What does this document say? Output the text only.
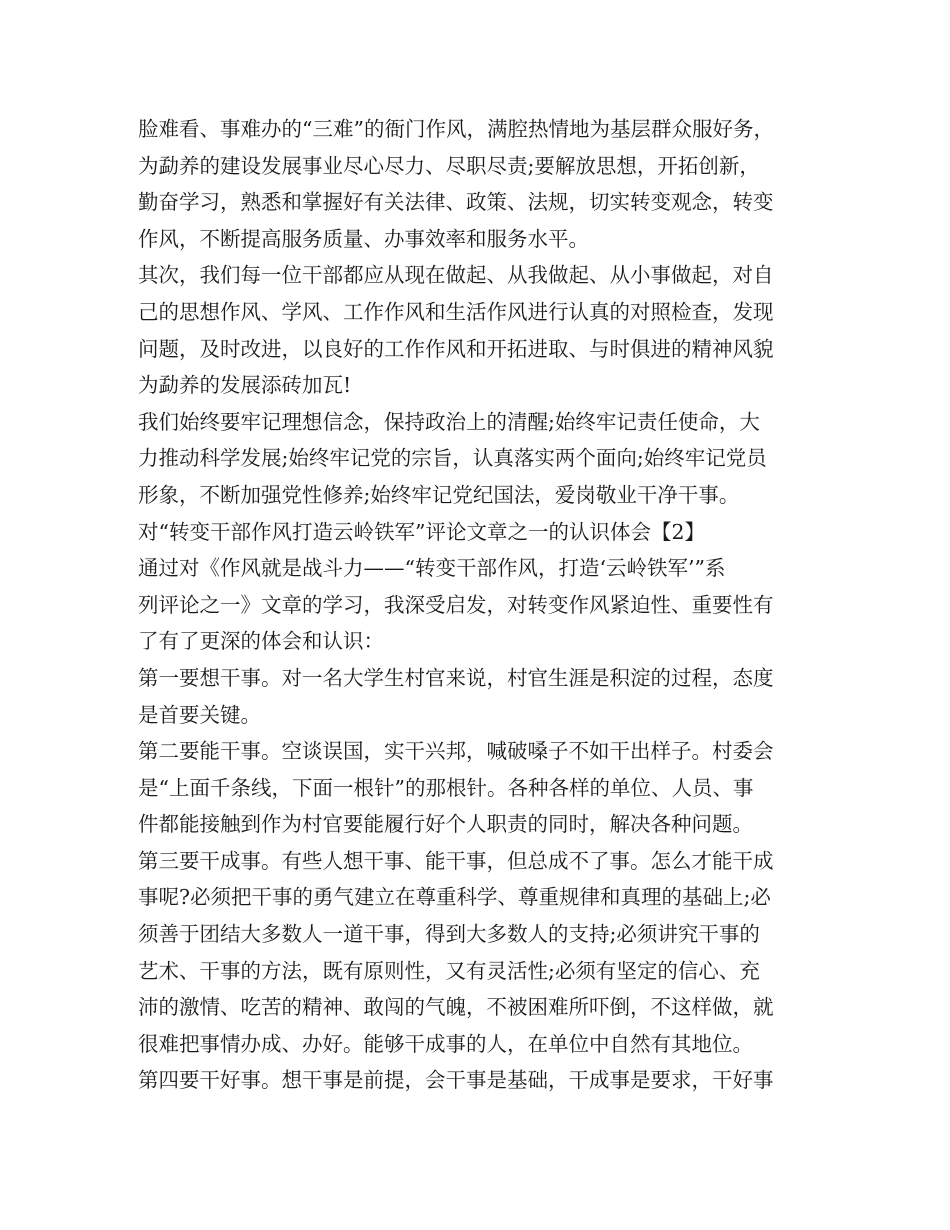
脸难看、事难办的“三难”的衙门作风，满腔热情地为基层群众服好务，
为勐养的建设发展事业尽心尽力、尽职尽责;要解放思想，开拓创新，
勤奋学习，熟悉和掌握好有关法律、政策、法规，切实转变观念，转变
作风，不断提高服务质量、办事效率和服务水平。
其次，我们每一位干部都应从现在做起、从我做起、从小事做起，对自
己的思想作风、学风、工作作风和生活作风进行认真的对照检查，发现
问题，及时改进，以良好的工作作风和开拓进取、与时俱进的精神风貌
为勐养的发展添砖加瓦!
我们始终要牢记理想信念，保持政治上的清醒;始终牢记责任使命，大
力推动科学发展;始终牢记党的宗旨，认真落实两个面向;始终牢记党员
形象，不断加强党性修养;始终牢记党纪国法，爱岗敬业干净干事。
对“转变干部作风打造云岭铁军”评论文章之一的认识体会【2】
通过对《作风就是战斗力——“转变干部作风，打造‘云岭铁军’”系
列评论之一》文章的学习，我深受启发，对转变作风紧迫性、重要性有
了有了更深的体会和认识：
第一要想干事。对一名大学生村官来说，村官生涯是积淀的过程，态度
是首要关键。
第二要能干事。空谈误国，实干兴邦，喊破嗓子不如干出样子。村委会
是“上面千条线，下面一根针”的那根针。各种各样的单位、人员、事
件都能接触到作为村官要能履行好个人职责的同时，解决各种问题。
第三要干成事。有些人想干事、能干事，但总成不了事。怎么才能干成
事呢?必须把干事的勇气建立在尊重科学、尊重规律和真理的基础上;必
须善于团结大多数人一道干事，得到大多数人的支持;必须讲究干事的
艺术、干事的方法，既有原则性，又有灵活性;必须有坚定的信心、充
沛的激情、吃苦的精神、敢闯的气魄，不被困难所吓倒，不这样做，就
很难把事情办成、办好。能够干成事的人，在单位中自然有其地位。
第四要干好事。想干事是前提，会干事是基础，干成事是要求，干好事
